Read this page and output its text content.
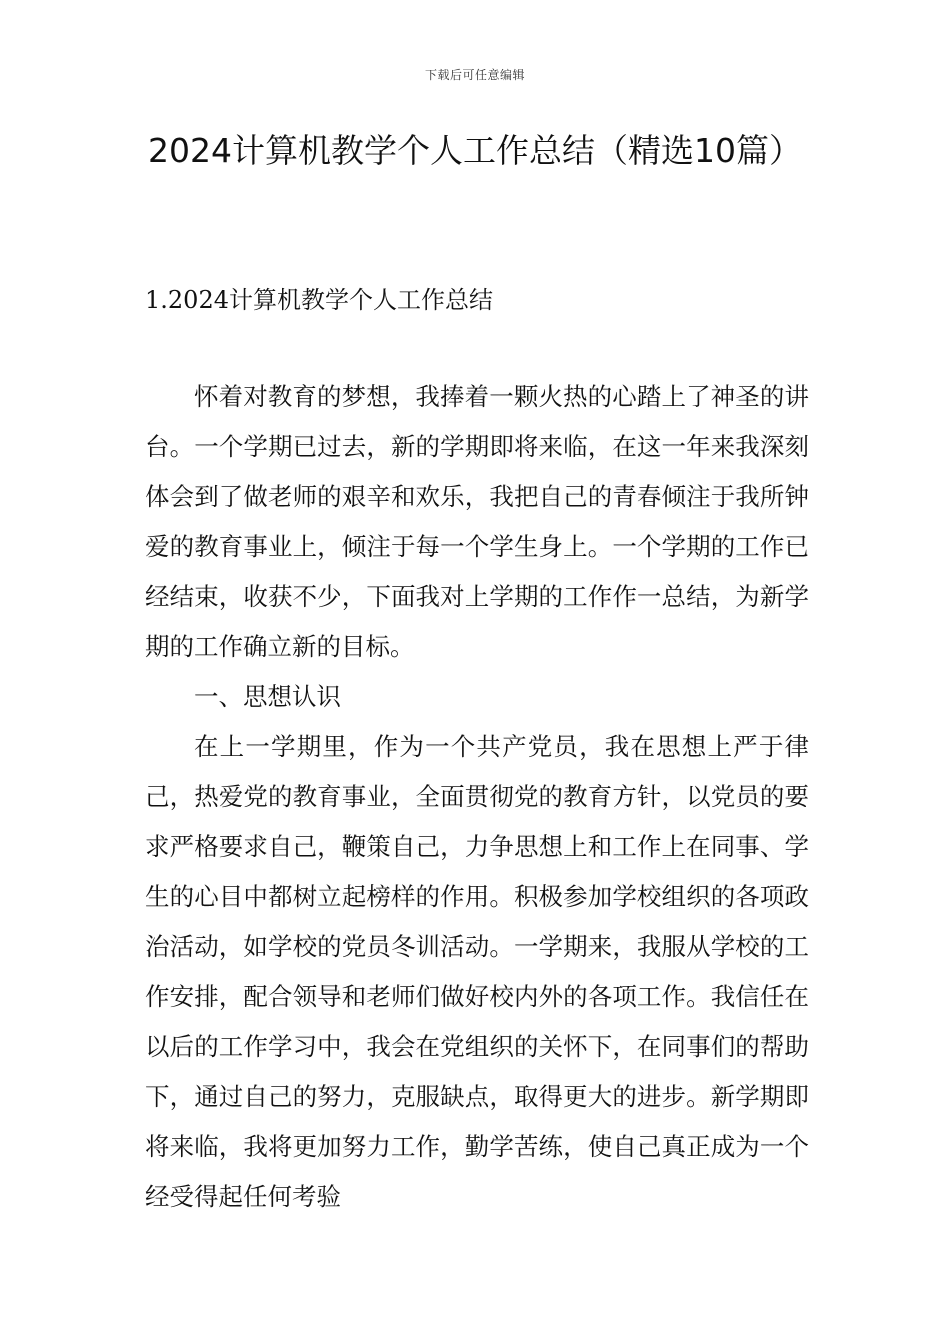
下载后可任意编辑
2024计算机教学个人工作总结（精选10篇）
1.2024计算机教学个人工作总结

怀着对教育的梦想，我捧着一颗火热的心踏上了神圣的讲台。一个学期已过去，新的学期即将来临，在这一年来我深刻体会到了做老师的艰辛和欢乐，我把自己的青春倾注于我所钟爱的教育事业上，倾注于每一个学生身上。一个学期的工作已经结束，收获不少，下面我对上学期的工作作一总结，为新学期的工作确立新的目标。

一、思想认识

在上一学期里，作为一个共产党员，我在思想上严于律己，热爱党的教育事业，全面贯彻党的教育方针，以党员的要求严格要求自己，鞭策自己，力争思想上和工作上在同事、学生的心目中都树立起榜样的作用。积极参加学校组织的各项政治活动，如学校的党员冬训活动。一学期来，我服从学校的工作安排，配合领导和老师们做好校内外的各项工作。我信任在以后的工作学习中，我会在党组织的关怀下，在同事们的帮助下，通过自己的努力，克服缺点，取得更大的进步。新学期即将来临，我将更加努力工作，勤学苦练，使自己真正成为一个经受得起任何考验
